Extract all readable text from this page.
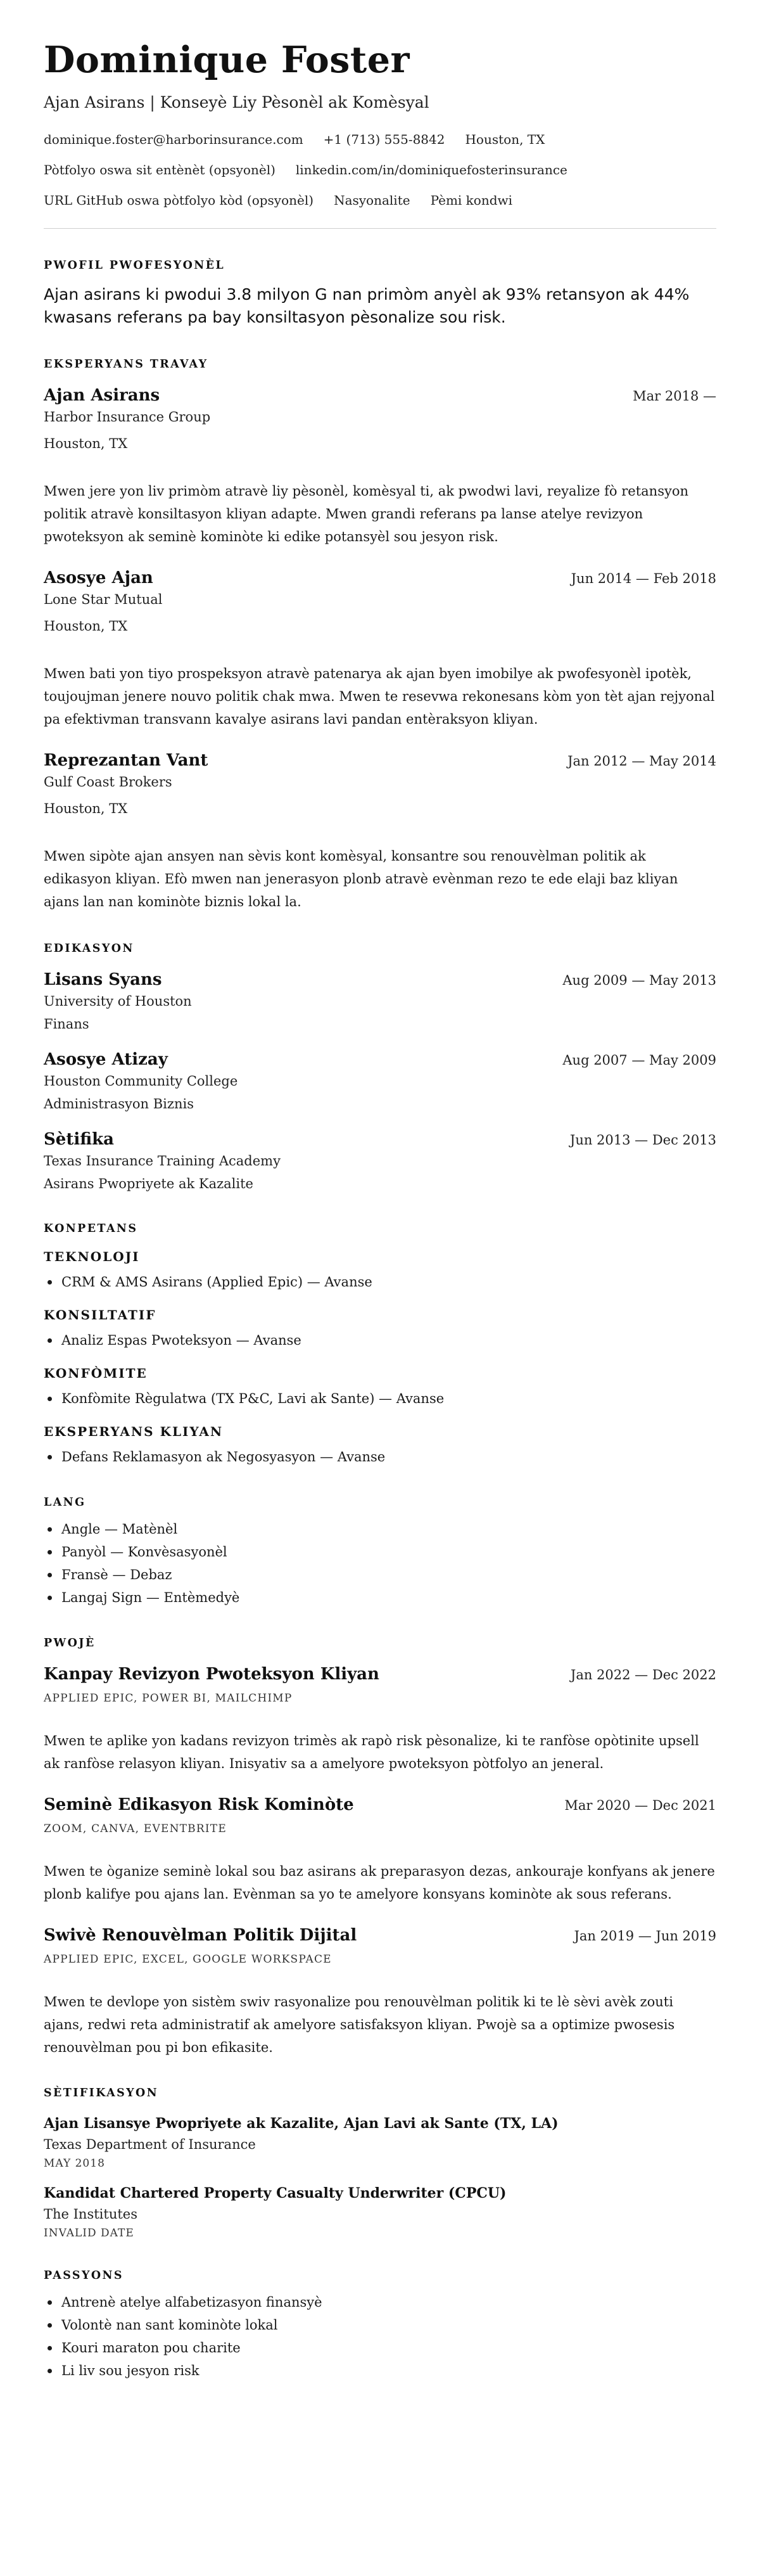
Dominique Foster
Ajan Asirans | Konseyè Liy Pèsonèl ak Komèsyal
dominique.foster@harborinsurance.com +1 (713) 555-8842 Houston, TX
Pòtfolyo oswa sit entènèt (opsyonèl) linkedin.com/in/dominiquefosterinsurance
URL GitHub oswa pòtfolyo kòd (opsyonèl) Nasyonalite Pèmi kondwi
PWOFIL PWOFESYONÈL

Ajan asirans ki pwodui 3.8 milyon G nan primòm anyèl ak 93% retansyon ak 44% kwasans referans pa bay konsiltasyon pèsonalize sou risk.

EKSPERYANS TRAVAY
Ajan Asirans	Mar 2018 —
Harbor Insurance Group
Houston, TX

Mwen jere yon liv primòm atravè liy pèsonèl, komèsyal ti, ak pwodwi lavi, reyalize fò retansyon politik atravè konsiltasyon kliyan adapte. Mwen grandi referans pa lanse atelye revizyon pwoteksyon ak seminè kominòte ki edike potansyèl sou jesyon risk.

Asosye Ajan	Jun 2014 — Feb 2018
Lone Star Mutual
Houston, TX

Mwen bati yon tiyo prospeksyon atravè patenarya ak ajan byen imobilye ak pwofesyonèl ipotèk, toujoujman jenere nouvo politik chak mwa. Mwen te resevwa rekonesans kòm yon tèt ajan rejyonal pa efektivman transvann kavalye asirans lavi pandan entèraksyon kliyan.

Reprezantan Vant	Jan 2012 — May 2014
Gulf Coast Brokers
Houston, TX

Mwen sipòte ajan ansyen nan sèvis kont komèsyal, konsantre sou renouvèlman politik ak edikasyon kliyan. Efò mwen nan jenerasyon plonb atravè evènman rezo te ede elaji baz kliyan ajans lan nan kominòte biznis lokal la.

EDIKASYON
Lisans Syans	Aug 2009 — May 2013
University of Houston
Finans
Asosye Atizay	Aug 2007 — May 2009
Houston Community College
Administrasyon Biznis
Sètifika	Jun 2013 — Dec 2013
Texas Insurance Training Academy
Asirans Pwopriyete ak Kazalite
KONPETANS
TEKNOLOJI
CRM & AMS Asirans (Applied Epic) — Avanse
KONSILTATIF
Analiz Espas Pwoteksyon — Avanse
KONFÒMITE
Konfòmite Règulatwa (TX P&C, Lavi ak Sante) — Avanse
EKSPERYANS KLIYAN
Defans Reklamasyon ak Negosyasyon — Avanse
LANG
Angle — Matènèl
Panyòl — Konvèsasyonèl
Fransè — Debaz
Langaj Sign — Entèmedyè
PWOJÈ
Kanpay Revizyon Pwoteksyon Kliyan	Jan 2022 — Dec 2022
APPLIED EPIC, POWER BI, MAILCHIMP

Mwen te aplike yon kadans revizyon trimès ak rapò risk pèsonalize, ki te ranfòse opòtinite upsell ak ranfòse relasyon kliyan. Inisyativ sa a amelyore pwoteksyon pòtfolyo an jeneral.

Seminè Edikasyon Risk Kominòte	Mar 2020 — Dec 2021
ZOOM, CANVA, EVENTBRITE

Mwen te òganize seminè lokal sou baz asirans ak preparasyon dezas, ankouraje konfyans ak jenere plonb kalifye pou ajans lan. Evènman sa yo te amelyore konsyans kominòte ak sous referans.

Swivè Renouvèlman Politik Dijital	Jan 2019 — Jun 2019
APPLIED EPIC, EXCEL, GOOGLE WORKSPACE

Mwen te devlope yon sistèm swiv rasyonalize pou renouvèlman politik ki te lè sèvi avèk zouti ajans, redwi reta administratif ak amelyore satisfaksyon kliyan. Pwojè sa a optimize pwosesis renouvèlman pou pi bon efikasite.

SÈTIFIKASYON
Ajan Lisansye Pwopriyete ak Kazalite, Ajan Lavi ak Sante (TX, LA)
Texas Department of Insurance
MAY 2018
Kandidat Chartered Property Casualty Underwriter (CPCU)
The Institutes
INVALID DATE
PASSYONS
Antrenè atelye alfabetizasyon finansyè
Volontè nan sant kominòte lokal
Kouri maraton pou charite
Li liv sou jesyon risk
